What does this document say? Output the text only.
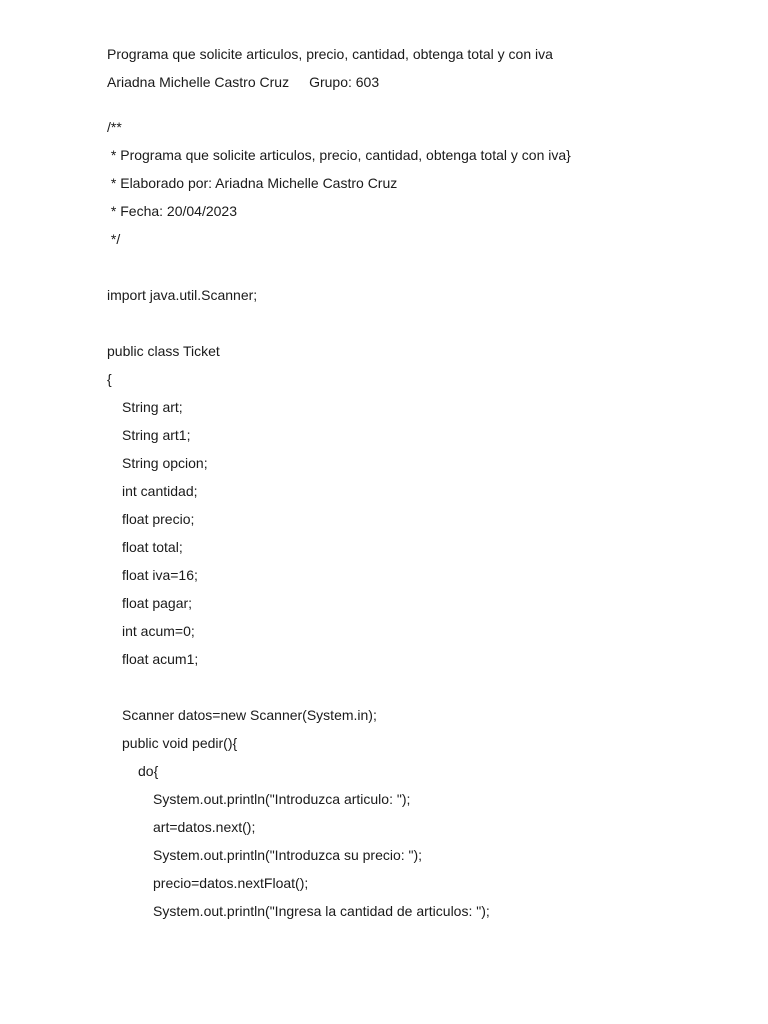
Programa que solicite articulos, precio, cantidad, obtenga total y con iva
Ariadna Michelle Castro Cruz Grupo: 603
/**
* Programa que solicite articulos, precio, cantidad, obtenga total y con iva}
* Elaborado por: Ariadna Michelle Castro Cruz
* Fecha: 20/04/2023
*/
import java.util.Scanner;
public class Ticket
{
String art;
String art1;
String opcion;
int cantidad;
float precio;
float total;
float iva=16;
float pagar;
int acum=0;
float acum1;
Scanner datos=new Scanner(System.in);
public void pedir(){
do{
System.out.println("Introduzca articulo: ");
art=datos.next();
System.out.println("Introduzca su precio: ");
precio=datos.nextFloat();
System.out.println("Ingresa la cantidad de articulos: ");
